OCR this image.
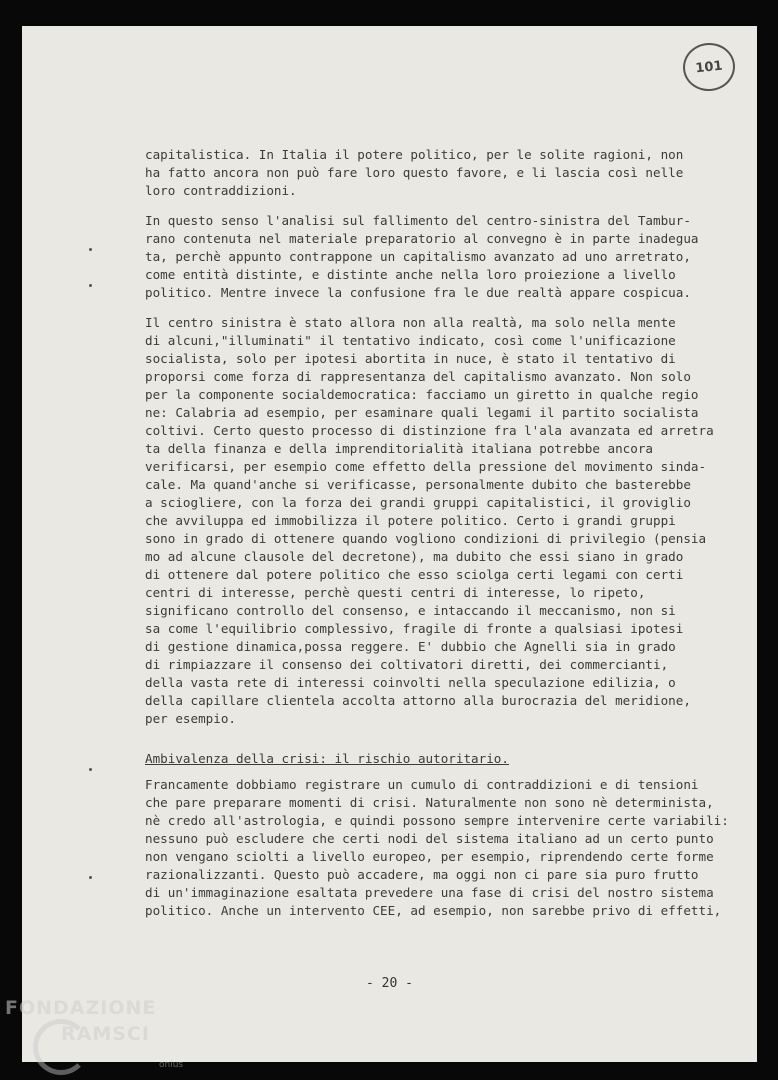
101
capitalistica. In Italia il potere politico, per le solite ragioni, non
ha fatto ancora non può fare loro questo favore, e li lascia così nelle
loro contraddizioni.
In questo senso l'analisi sul fallimento del centro-sinistra del Tambur-
rano contenuta nel materiale preparatorio al convegno è in parte inadegua
ta, perchè appunto contrappone un capitalismo avanzato ad uno arretrato,
come entità distinte, e distinte anche nella loro proiezione a livello
politico. Mentre invece la confusione fra le due realtà appare cospicua.
Il centro sinistra è stato allora non alla realtà, ma solo nella mente
di alcuni,"illuminati" il tentativo indicato, così come l'unificazione
socialista, solo per ipotesi abortita in nuce, è stato il tentativo di
proporsi come forza di rappresentanza del capitalismo avanzato. Non solo
per la componente socialdemocratica: facciamo un giretto in qualche regio
ne: Calabria ad esempio, per esaminare quali legami il partito socialista
coltivi. Certo questo processo di distinzione fra l'ala avanzata ed arretra
ta della finanza e della imprenditorialità italiana potrebbe ancora
verificarsi, per esempio come effetto della pressione del movimento sinda-
cale. Ma quand'anche si verificasse, personalmente dubito che basterebbe
a sciogliere, con la forza dei grandi gruppi capitalistici, il groviglio
che avviluppa ed immobilizza il potere politico. Certo i grandi gruppi
sono in grado di ottenere quando vogliono condizioni di privilegio (pensia
mo ad alcune clausole del decretone), ma dubito che essi siano in grado
di ottenere dal potere politico che esso sciolga certi legami con certi
centri di interesse, perchè questi centri di interesse, lo ripeto,
significano controllo del consenso, e intaccando il meccanismo, non si
sa come l'equilibrio complessivo, fragile di fronte a qualsiasi ipotesi
di gestione dinamica,possa reggere. E' dubbio che Agnelli sia in grado
di rimpiazzare il consenso dei coltivatori diretti, dei commercianti,
della vasta rete di interessi coinvolti nella speculazione edilizia, o
della capillare clientela accolta attorno alla burocrazia del meridione,
per esempio.
Ambivalenza della crisi: il rischio autoritario.
Francamente dobbiamo registrare un cumulo di contraddizioni e di tensioni
che pare preparare momenti di crisi. Naturalmente non sono nè determinista,
nè credo all'astrologia, e quindi possono sempre intervenire certe variabili:
nessuno può escludere che certi nodi del sistema italiano ad un certo punto
non vengano sciolti a livello europeo, per esempio, riprendendo certe forme
razionalizzanti. Questo può accadere, ma oggi non ci pare sia puro frutto
di un'immaginazione esaltata prevedere una fase di crisi del nostro sistema
politico. Anche un intervento CEE, ad esempio, non sarebbe privo di effetti,
- 20 -
FONDAZIONE
RAMSCI
onlus
